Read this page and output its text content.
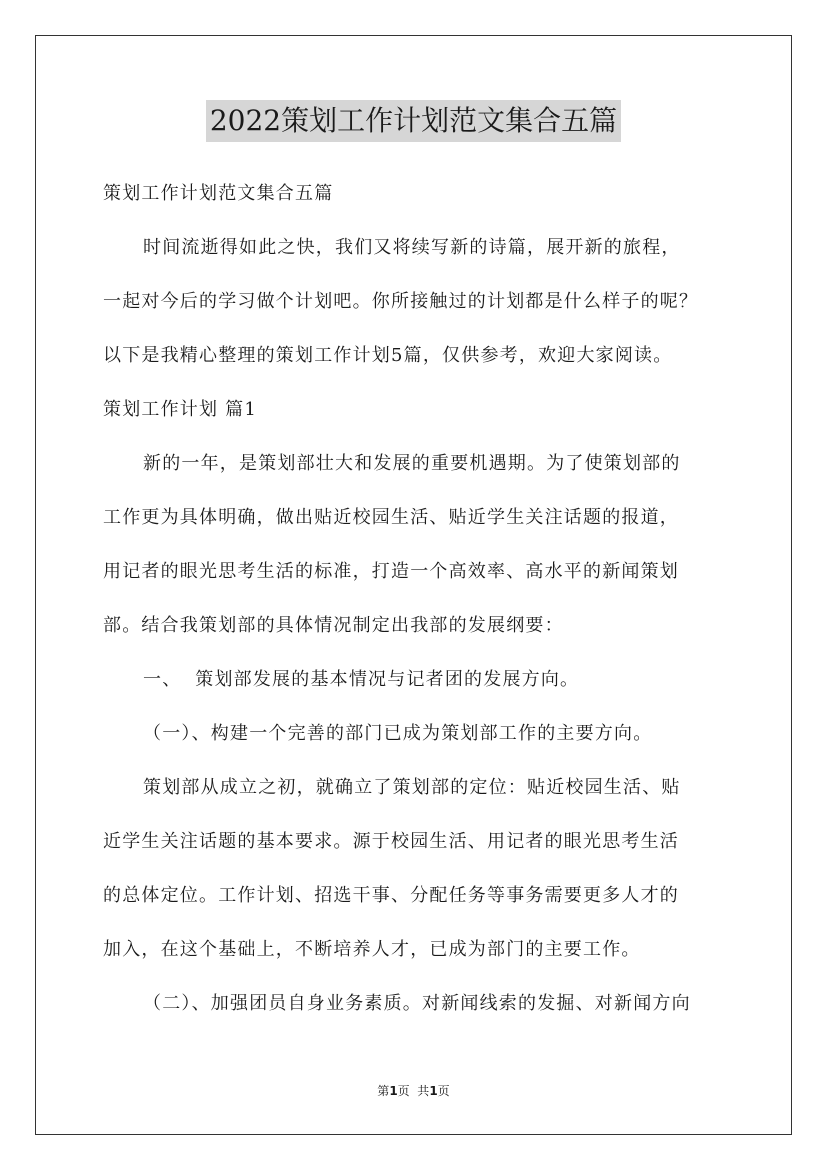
2022策划工作计划范文集合五篇

策划工作计划范文集合五篇

时间流逝得如此之快，我们又将续写新的诗篇，展开新的旅程，

一起对今后的学习做个计划吧。你所接触过的计划都是什么样子的呢？

以下是我精心整理的策划工作计划5篇，仅供参考，欢迎大家阅读。

策划工作计划 篇1

新的一年，是策划部壮大和发展的重要机遇期。为了使策划部的

工作更为具体明确，做出贴近校园生活、贴近学生关注话题的报道，

用记者的眼光思考生活的标准，打造一个高效率、高水平的新闻策划

部。结合我策划部的具体情况制定出我部的发展纲要：

一、  策划部发展的基本情况与记者团的发展方向。

（一）、构建一个完善的部门已成为策划部工作的主要方向。

策划部从成立之初，就确立了策划部的定位：贴近校园生活、贴

近学生关注话题的基本要求。源于校园生活、用记者的眼光思考生活

的总体定位。工作计划、招选干事、分配任务等事务需要更多人才的

加入，在这个基础上，不断培养人才，已成为部门的主要工作。

（二）、加强团员自身业务素质。对新闻线索的发掘、对新闻方向

第1页  共1页
